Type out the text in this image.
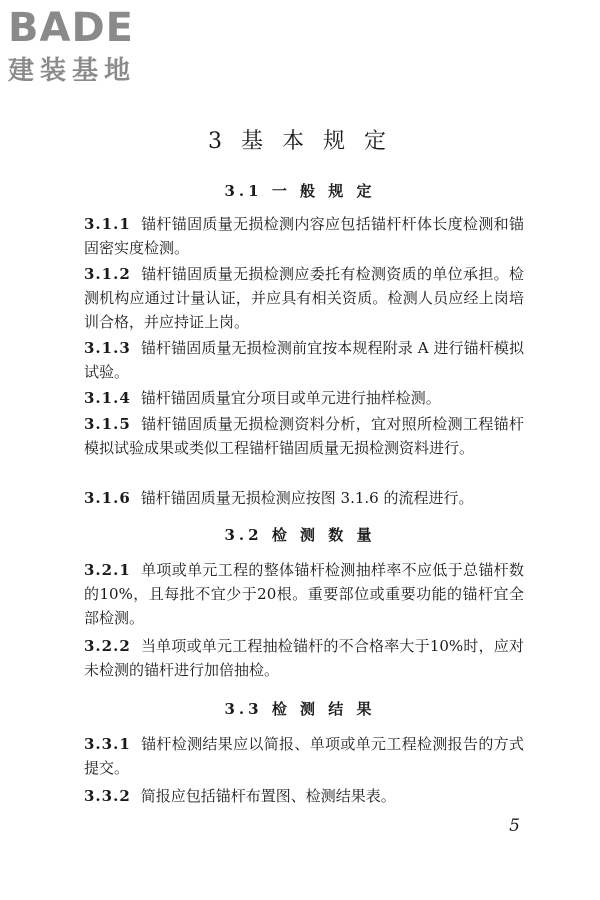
BADE
建装基地
3 基 本 规 定
3.1 一 般 规 定

3.1.1 锚杆锚固质量无损检测内容应包括锚杆杆体长度检测和锚固密实度检测。

3.1.2 锚杆锚固质量无损检测应委托有检测资质的单位承担。检测机构应通过计量认证，并应具有相关资质。检测人员应经上岗培训合格，并应持证上岗。

3.1.3 锚杆锚固质量无损检测前宜按本规程附录 A 进行锚杆模拟试验。

3.1.4 锚杆锚固质量宜分项目或单元进行抽样检测。

3.1.5 锚杆锚固质量无损检测资料分析，宜对照所检测工程锚杆模拟试验成果或类似工程锚杆锚固质量无损检测资料进行。

3.1.6 锚杆锚固质量无损检测应按图 3.1.6 的流程进行。

3.2 检 测 数 量

3.2.1 单项或单元工程的整体锚杆检测抽样率不应低于总锚杆数的10%，且每批不宜少于20根。重要部位或重要功能的锚杆宜全部检测。

3.2.2 当单项或单元工程抽检锚杆的不合格率大于10%时，应对未检测的锚杆进行加倍抽检。

3.3 检 测 结 果

3.3.1 锚杆检测结果应以简报、单项或单元工程检测报告的方式提交。

3.3.2 简报应包括锚杆布置图、检测结果表。

5
